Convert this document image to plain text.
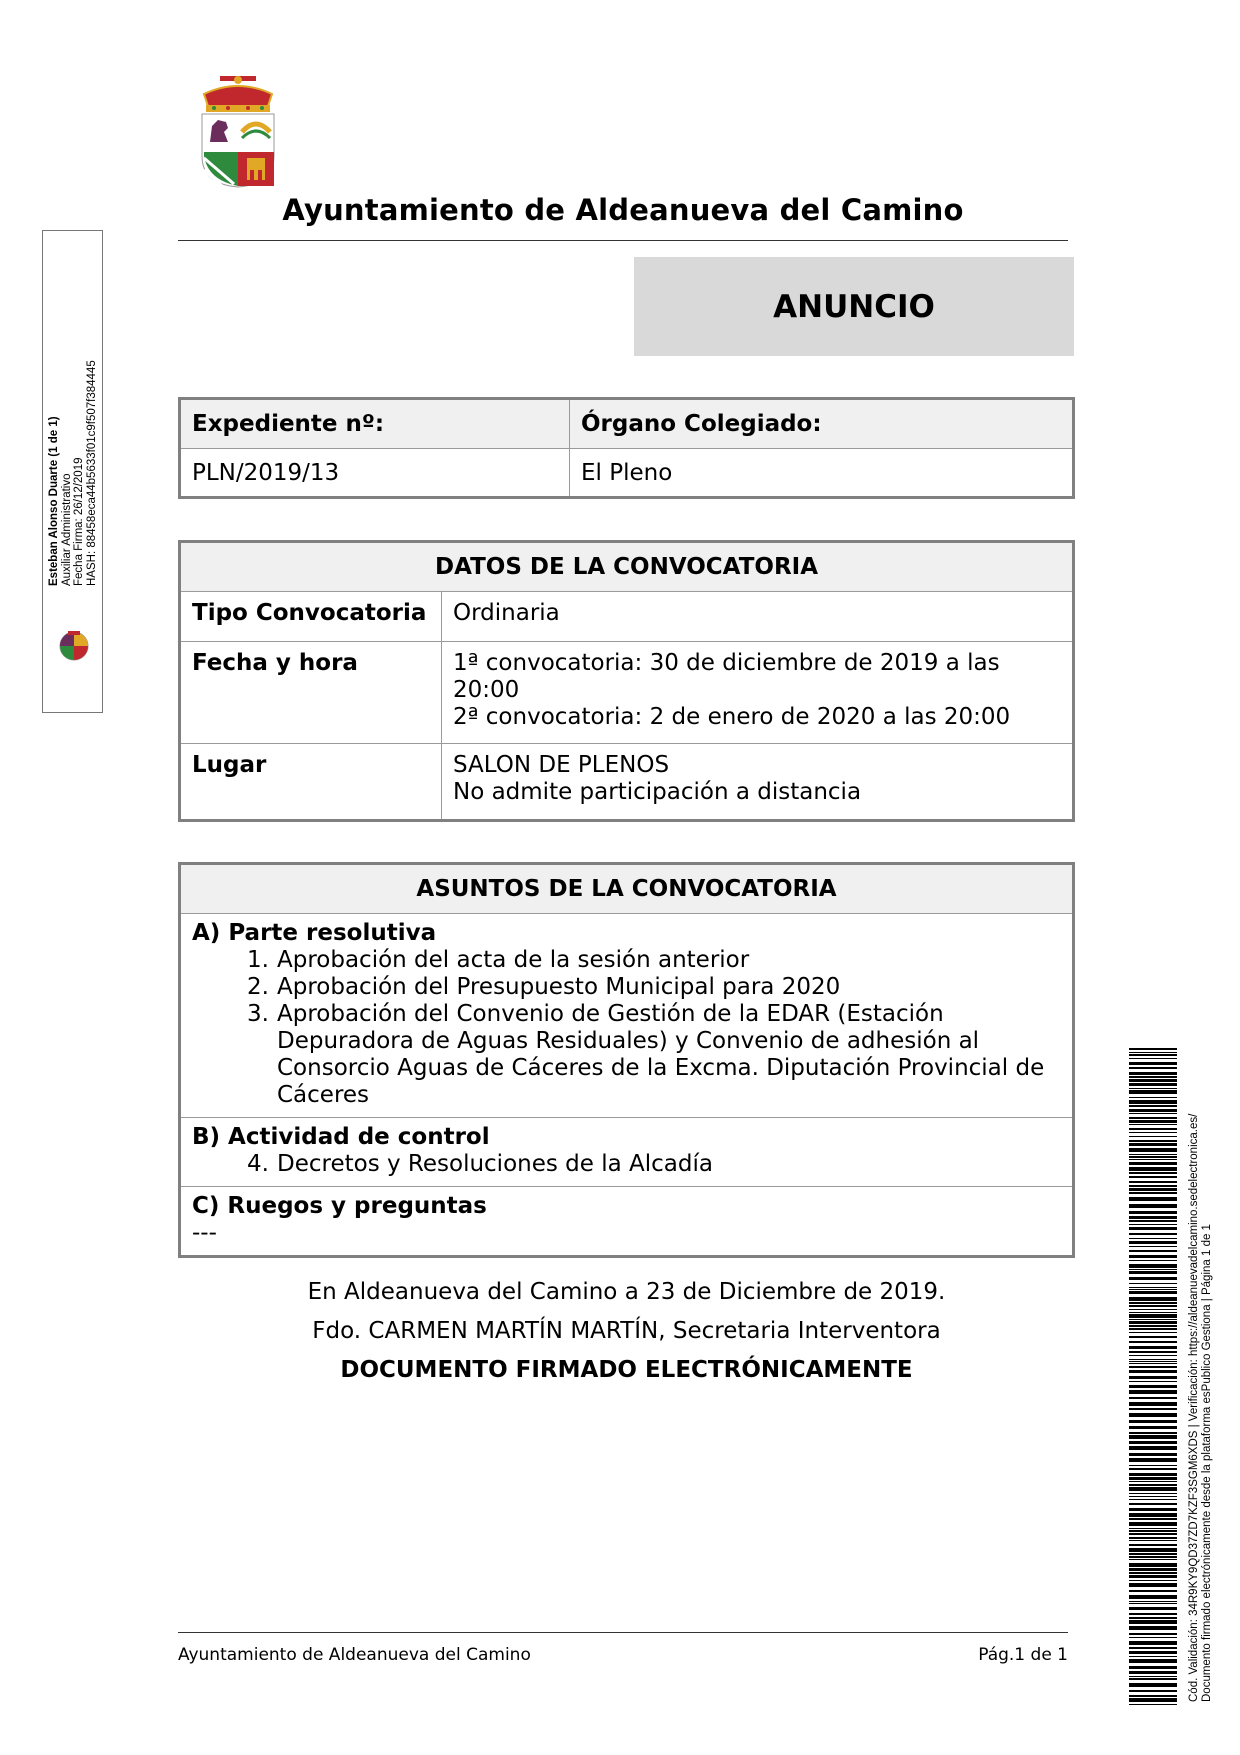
Ayuntamiento de Aldeanueva del Camino
ANUNCIO
Expediente nº:	Órgano Colegiado:
PLN/2019/13	El Pleno
DATOS DE LA CONVOCATORIA	
Tipo Convocatoria	Ordinaria
Fecha y hora	1ª convocatoria: 30 de diciembre de 2019 a las 20:00
2ª convocatoria: 2 de enero de 2020 a las 20:00

Lugar	SALON DE PLENOS
No admite participación a distancia
ASUNTOS DE LA CONVOCATORIA

A) Parte resolutiva
1. Aprobación del acta de la sesión anterior
2. Aprobación del Presupuesto Municipal para 2020
3. Aprobación del Convenio de Gestión de la EDAR (Estación Depuradora de Aguas Residuales) y Convenio de adhesión al Consorcio Aguas de Cáceres de la Excma. Diputación Provincial de Cáceres

B) Actividad de control
4. Decretos y Resoluciones de la Alcadía

C) Ruegos y preguntas
---
En Aldeanueva del Camino a 23 de Diciembre de 2019.
Fdo. CARMEN MARTÍN MARTÍN, Secretaria Interventora
DOCUMENTO FIRMADO ELECTRÓNICAMENTE
Ayuntamiento de Aldeanueva del Camino	Pág.1 de 1
Esteban Alonso Duarte (1 de 1) Auxiliar Administrativo Fecha Firma: 26/12/2019 HASH: 88458eca44b5633f01c9f507f384445
Cód. Validación: 34R9KY9QD37ZD7KZF3SGM6XDS | Verificación: https://aldeanuevadelcamino.sedelectronica.es/ Documento firmado electrónicamente desde la plataforma esPublico Gestiona | Página 1 de 1
